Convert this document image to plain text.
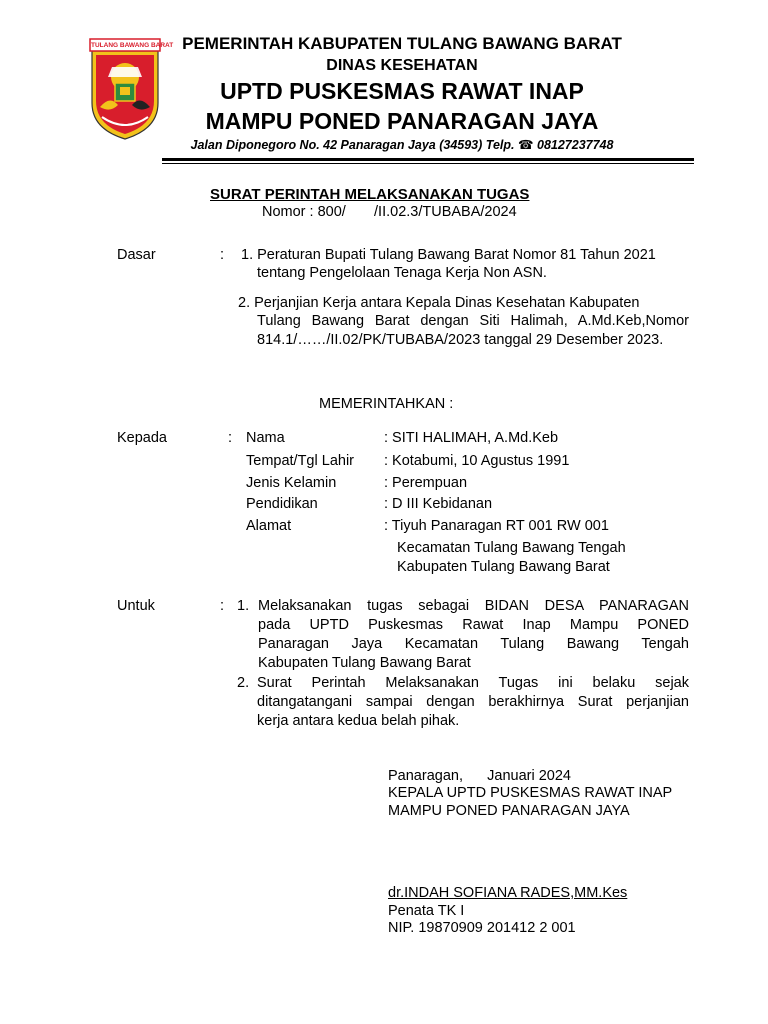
TULANG BAWANG BARAT PEMERINTAH KABUPATEN TULANG BAWANG BARAT
DINAS KESEHATAN
UPTD PUSKESMAS RAWAT INAP
MAMPU PONED PANARAGAN JAYA
Jalan Diponegoro No. 42 Panaragan Jaya (34593) Telp. ☎ 08127237748
SURAT PERINTAH MELAKSANAKAN TUGAS
Nomor : 800/       /II.02.3/TUBABA/2024
Dasar	: 1. Peraturan Bupati Tulang Bawang Barat Nomor 81 Tahun 2021
tentang Pengelolaan Tenaga Kerja Non ASN.
2. Perjanjian Kerja antara Kepala Dinas Kesehatan Kabupaten
Tulang Bawang Barat dengan Siti Halimah, A.Md.Keb,Nomor
814.1/……/II.02/PK/TUBABA/2023 tanggal 29 Desember 2023.
MEMERINTAHKAN :
Kepada	: Nama	: SITI HALIMAH, A.Md.Keb
Tempat/Tgl Lahir : Kotabumi, 10 Agustus 1991
Jenis Kelamin	: Perempuan
Pendidikan	: D III Kebidanan
Alamat	: Tiyuh Panaragan RT 001 RW 001
Kecamatan Tulang Bawang Tengah
Kabupaten Tulang Bawang Barat
Untuk	: 1. Melaksanakan tugas sebagai BIDAN DESA PANARAGAN
pada UPTD Puskesmas Rawat Inap Mampu PONED
Panaragan Jaya Kecamatan Tulang Bawang Tengah
Kabupaten Tulang Bawang Barat
2. Surat Perintah Melaksanakan Tugas ini belaku sejak
ditangatangani sampai dengan berakhirnya Surat perjanjian
kerja antara kedua belah pihak.
Panaragan,      Januari 2024
KEPALA UPTD PUSKESMAS RAWAT INAP
MAMPU PONED PANARAGAN JAYA
dr.INDAH SOFIANA RADES,MM.Kes
Penata TK I
NIP. 19870909 201412 2 001
